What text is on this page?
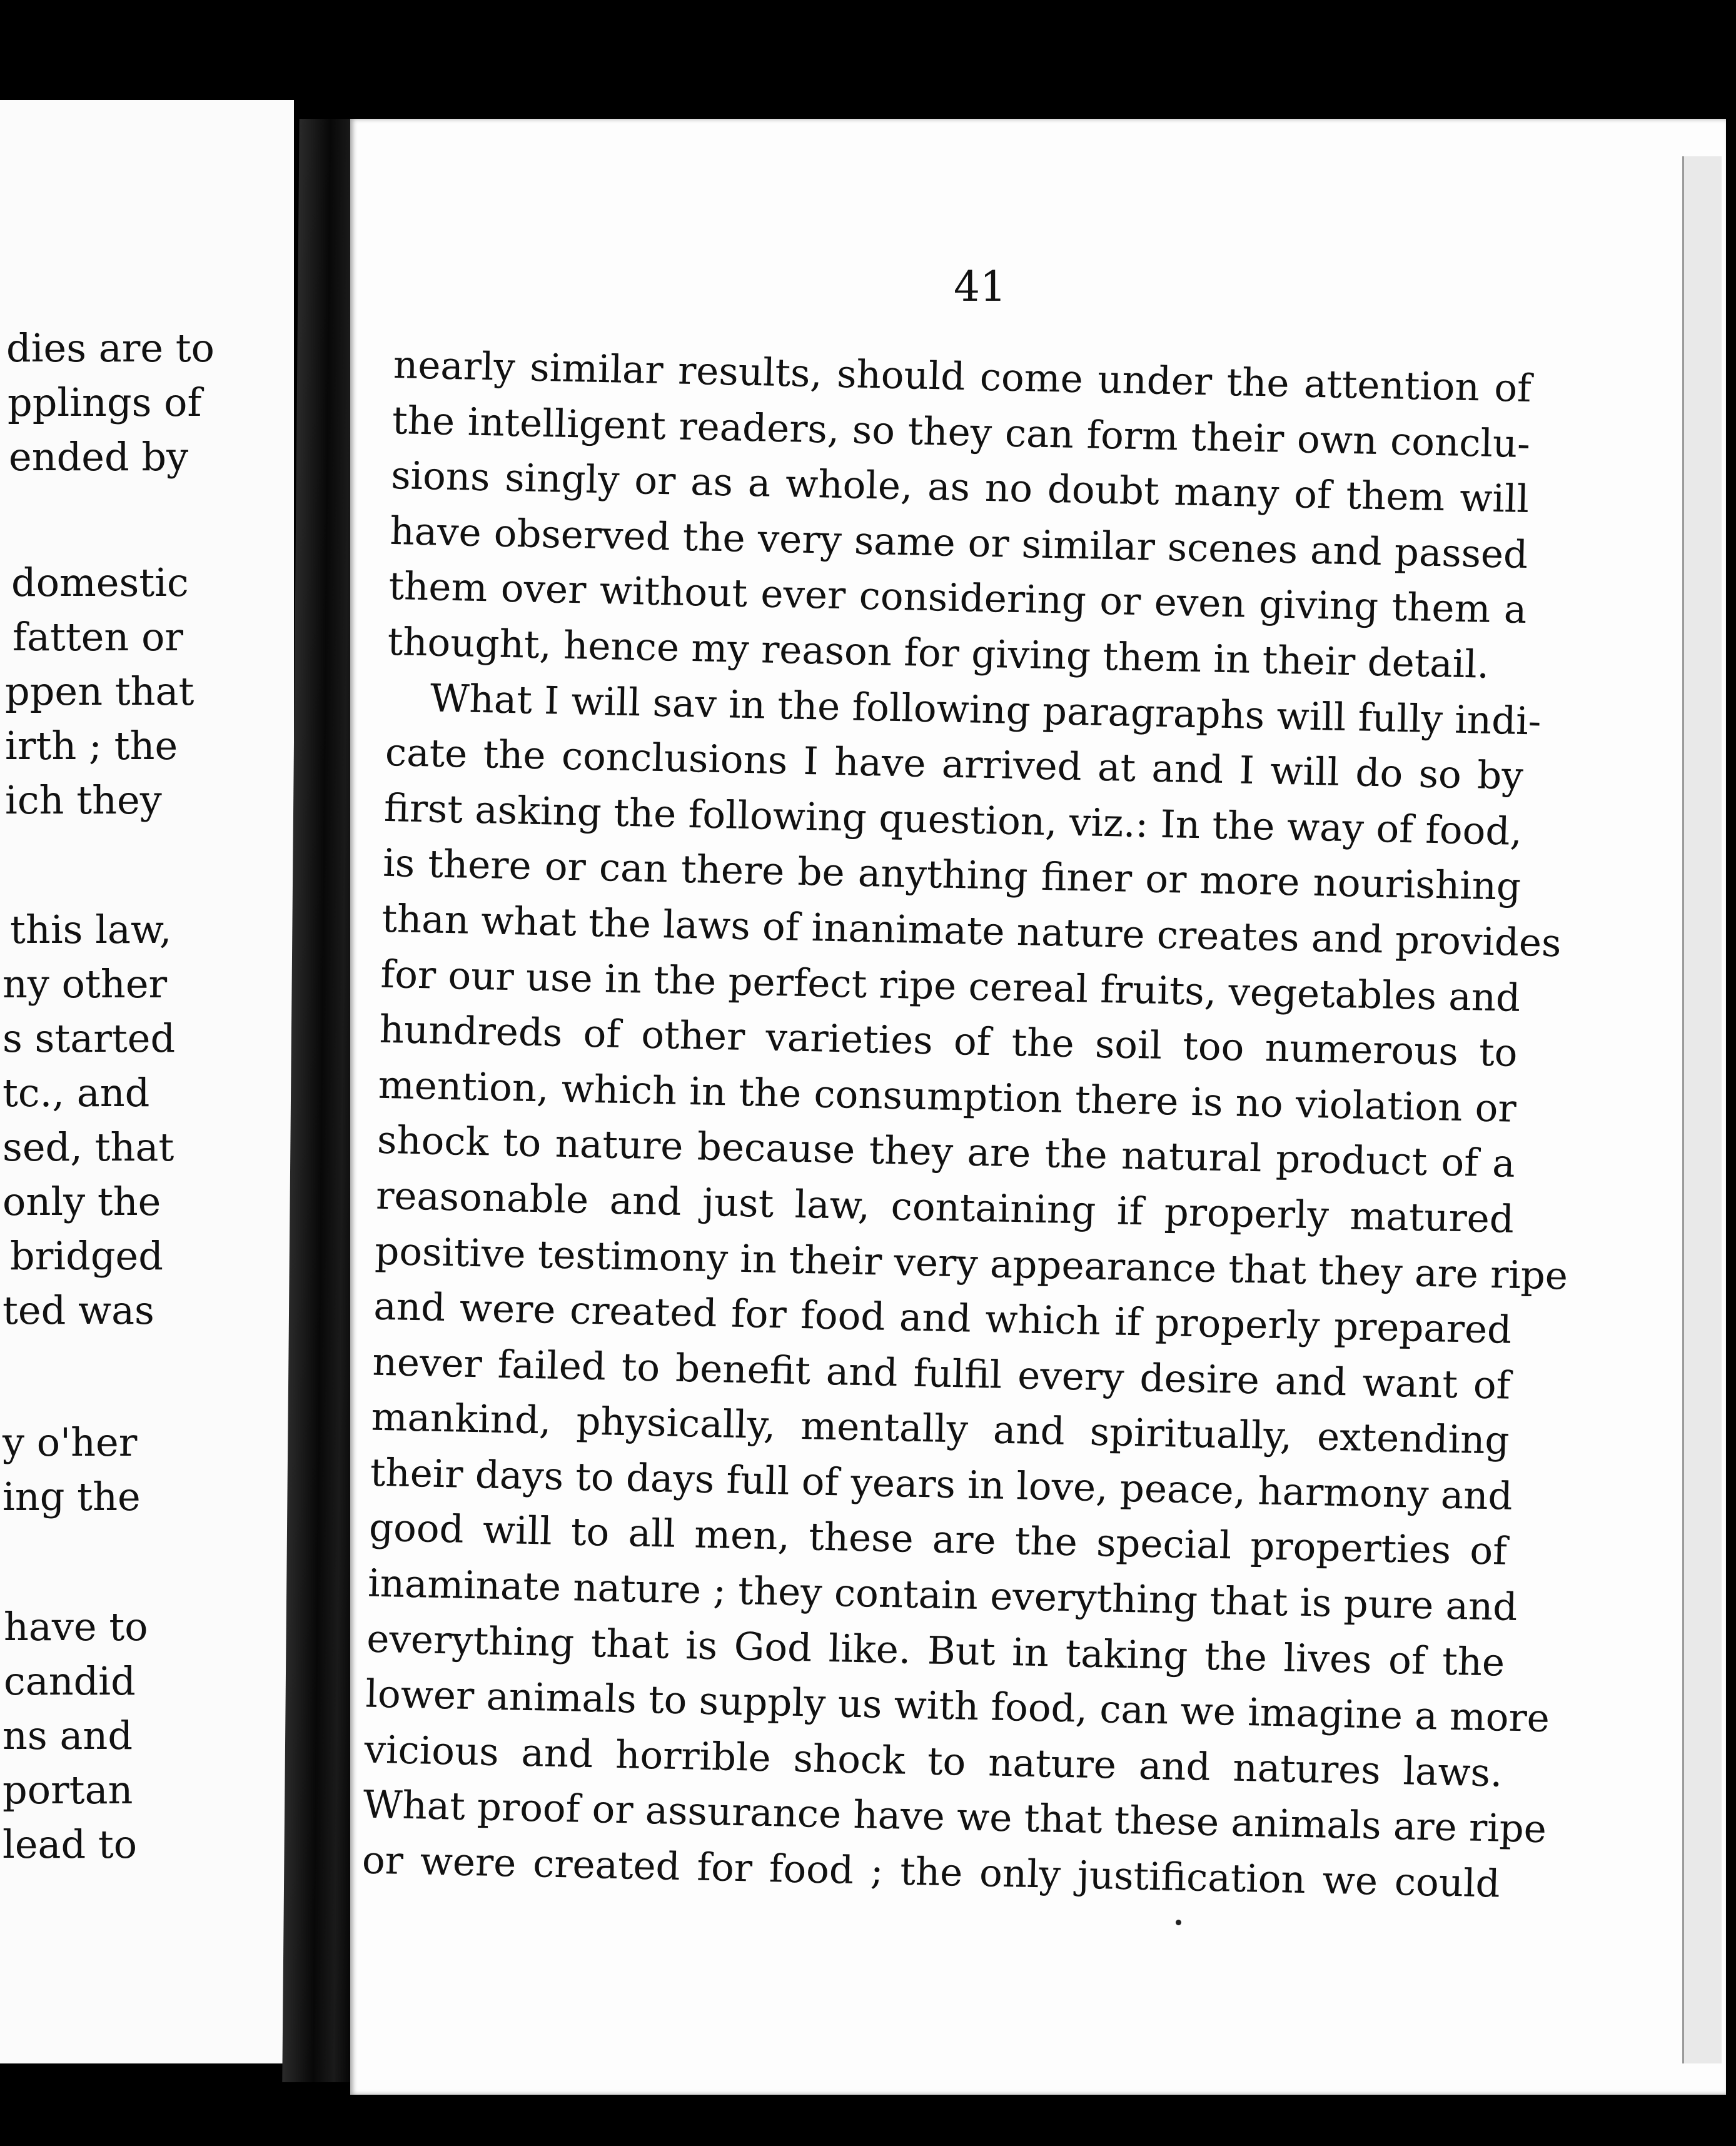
dies are to
pplings of
ended by
domestic
fatten or
ppen that
irth ; the
ich they
this law,
ny other
s started
tc., and
sed, that
only the
bridged
ted was
y o'her
ing the
have to
candid
ns and
portan
lead to
41
nearly similar results, should come under the attention of
the intelligent readers, so they can form their own conclu-
sions singly or as a whole, as no doubt many of them will
have observed the very same or similar scenes and passed
them over without ever considering or even giving them a
thought, hence my reason for giving them in their detail.
What I will sav in the following paragraphs will fully indi-
cate the conclusions I have arrived at and I will do so by
first asking the following question, viz.: In the way of food,
is there or can there be anything finer or more nourishing
than what the laws of inanimate nature creates and provides
for our use in the perfect ripe cereal fruits, vegetables and
hundreds of other varieties of the soil too numerous to
mention, which in the consumption there is no violation or
shock to nature because they are the natural product of a
reasonable and just law, containing if properly matured
positive testimony in their very appearance that they are ripe
and were created for food and which if properly prepared
never failed to benefit and fulfil every desire and want of
mankind, physically, mentally and spiritually, extending
their days to days full of years in love, peace, harmony and
good will to all men, these are the special properties of
inaminate nature ; they contain everything that is pure and
everything that is God like. But in taking the lives of the
lower animals to supply us with food, can we imagine a more
vicious and horrible shock to nature and natures laws.
What proof or assurance have we that these animals are ripe
or were created for food ; the only justification we could
